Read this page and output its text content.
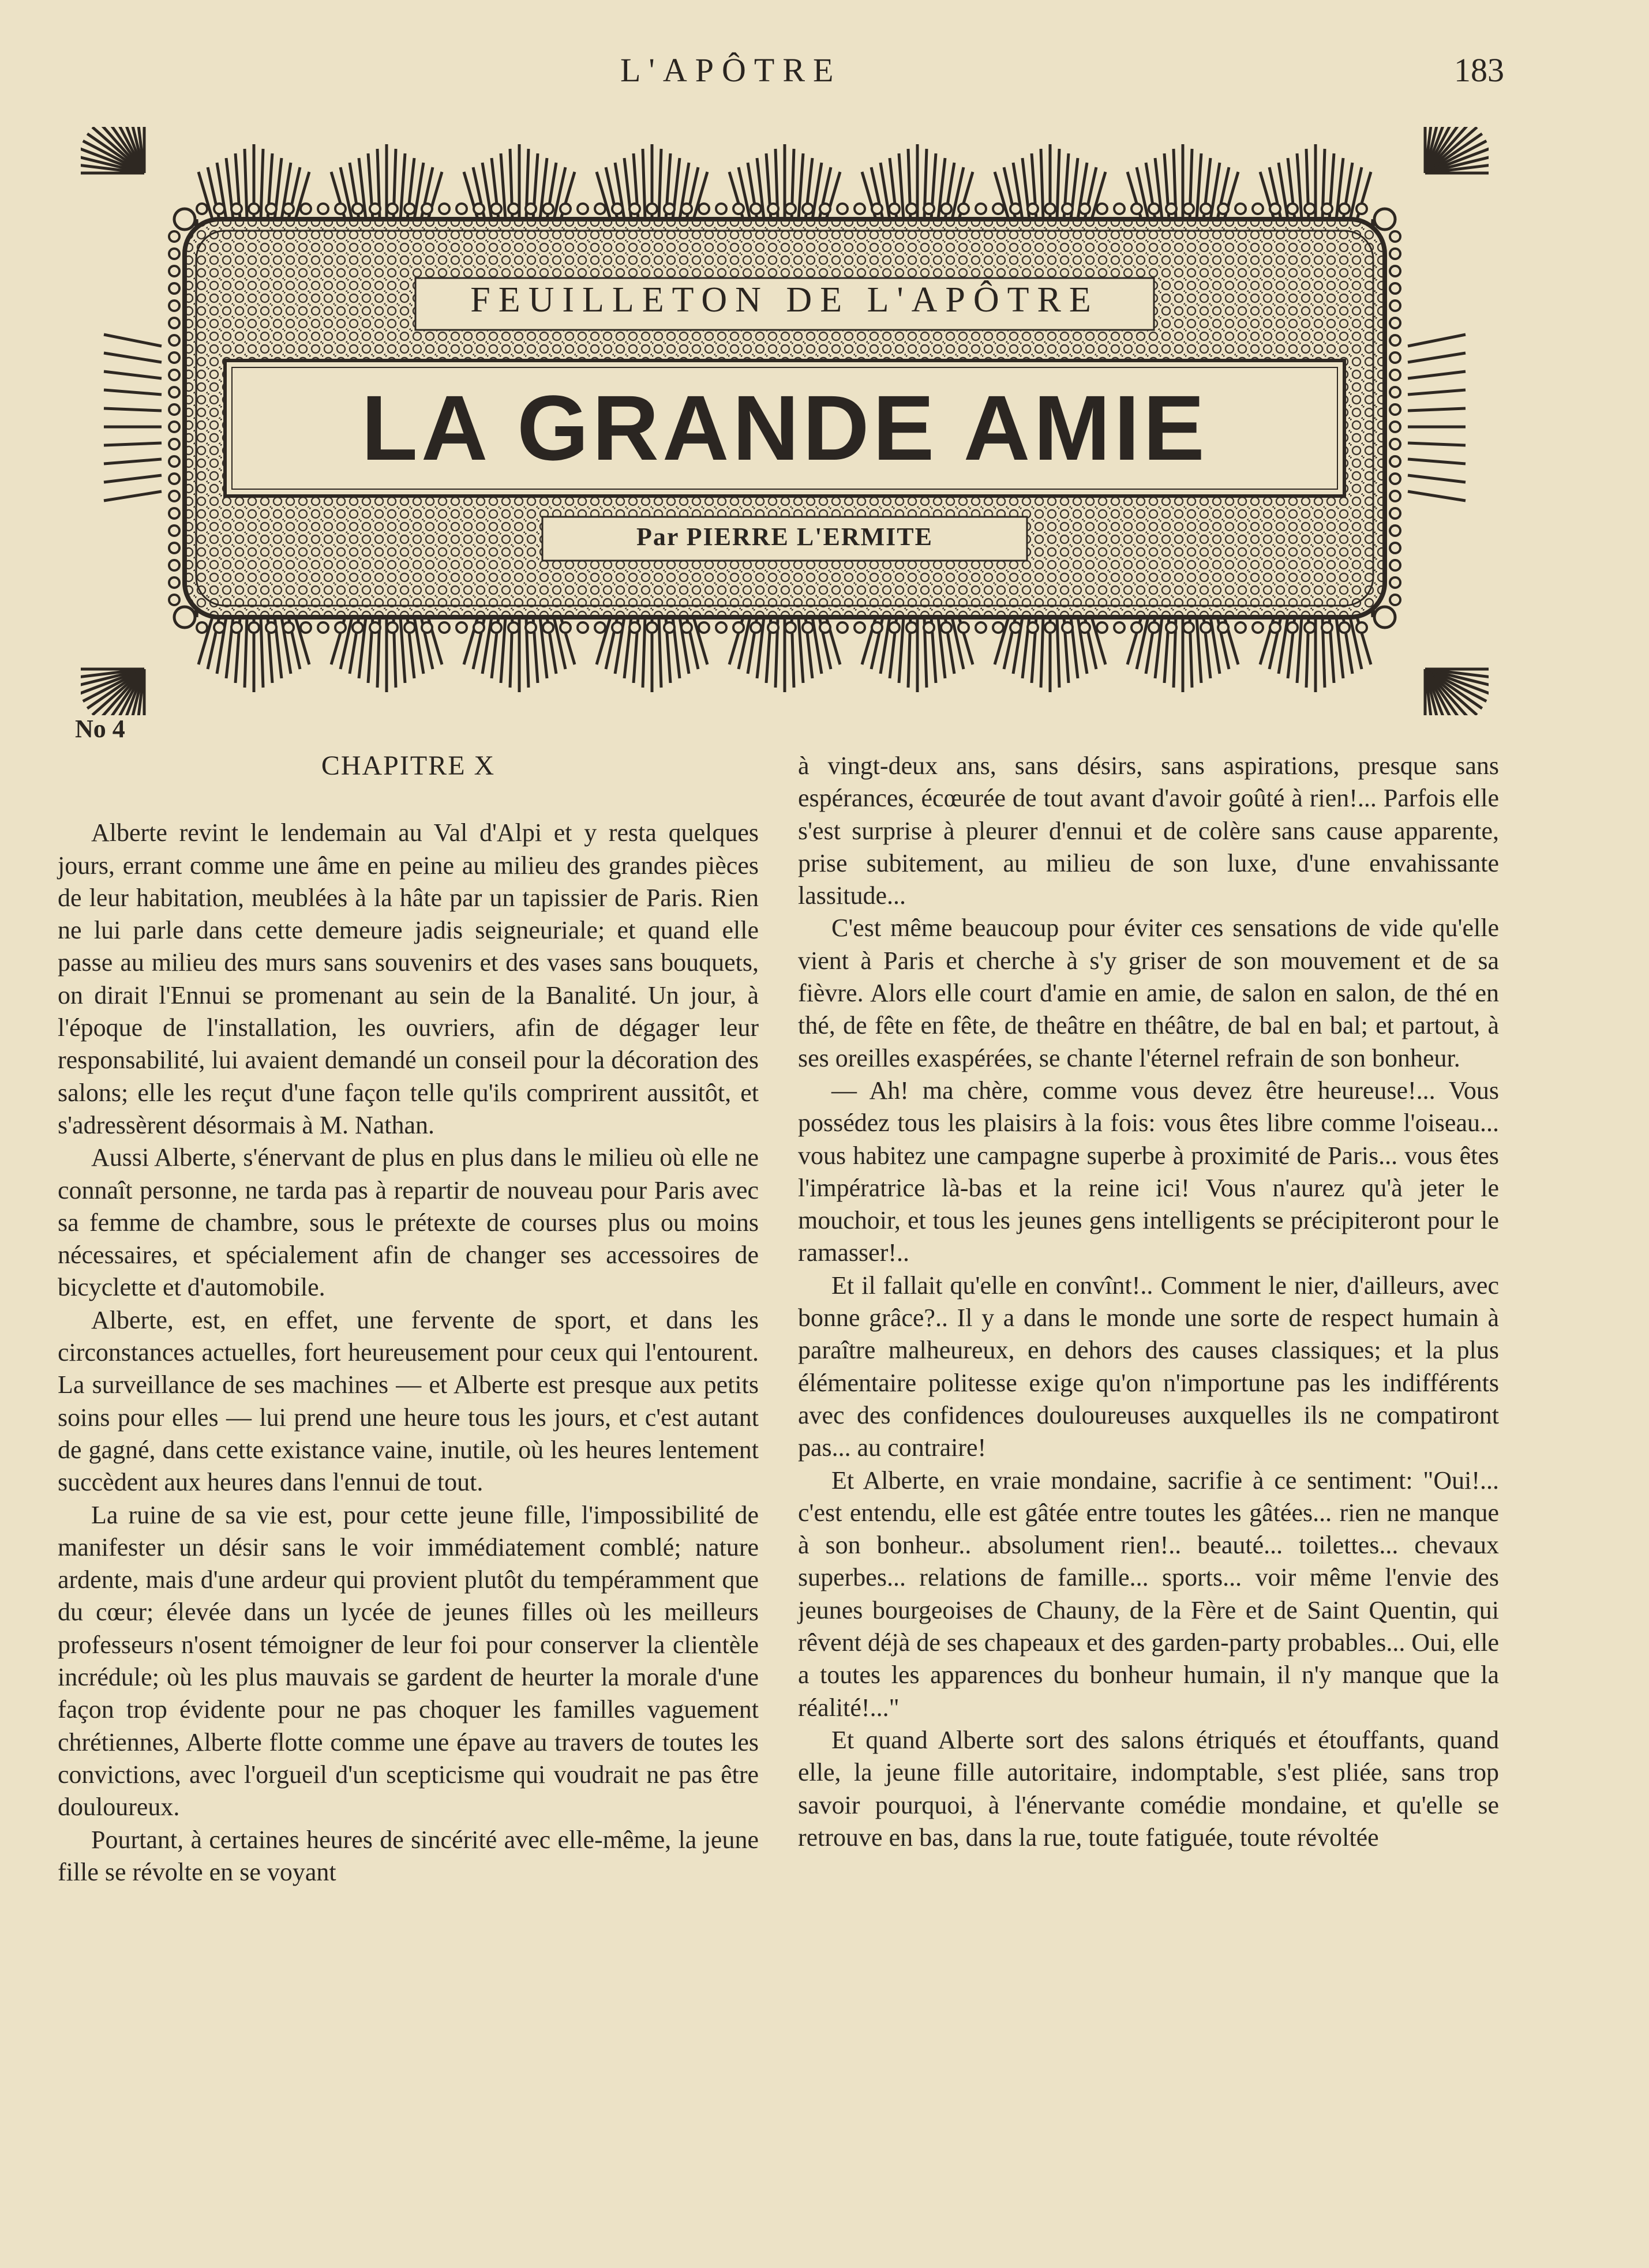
L'APÔTRE	183
FEUILLETON DE L'APÔTRE
LA GRANDE AMIE
Par PIERRE L'ERMITE
No 4
CHAPITRE X

Alberte revint le lendemain au Val d'Alpi et y resta quelques jours, errant comme une âme en peine au milieu des grandes pièces de leur habitation, meublées à la hâte par un tapissier de Paris. Rien ne lui parle dans cette demeure jadis seigneuriale; et quand elle passe au milieu des murs sans souvenirs et des vases sans bouquets, on dirait l'Ennui se promenant au sein de la Banalité. Un jour, à l'époque de l'installation, les ouvriers, afin de dégager leur responsabilité, lui avaient demandé un conseil pour la décoration des salons; elle les reçut d'une façon telle qu'ils comprirent aussitôt, et s'adressèrent désormais à M. Nathan.

Aussi Alberte, s'énervant de plus en plus dans le milieu où elle ne connaît personne, ne tarda pas à repartir de nouveau pour Paris avec sa femme de chambre, sous le prétexte de courses plus ou moins nécessaires, et spécialement afin de changer ses accessoires de bicyclette et d'automobile.

Alberte, est, en effet, une fervente de sport, et dans les circonstances actuelles, fort heureusement pour ceux qui l'entourent. La surveillance de ses machines — et Alberte est presque aux petits soins pour elles — lui prend une heure tous les jours, et c'est autant de gagné, dans cette existance vaine, inutile, où les heures lentement succèdent aux heures dans l'ennui de tout.

La ruine de sa vie est, pour cette jeune fille, l'impossibilité de manifester un désir sans le voir immédiatement comblé; nature ardente, mais d'une ardeur qui provient plutôt du tempéramment que du cœur; élevée dans un lycée de jeunes filles où les meilleurs professeurs n'osent témoigner de leur foi pour conserver la clientèle incrédule; où les plus mauvais se gardent de heurter la morale d'une façon trop évidente pour ne pas choquer les familles vaguement chrétiennes, Alberte flotte comme une épave au travers de toutes les convictions, avec l'orgueil d'un scepticisme qui voudrait ne pas être douloureux.

Pourtant, à certaines heures de sincérité avec elle-même, la jeune fille se révolte en se voyant

à vingt-deux ans, sans désirs, sans aspirations, presque sans espérances, écœurée de tout avant d'avoir goûté à rien!... Parfois elle s'est surprise à pleurer d'ennui et de colère sans cause apparente, prise subitement, au milieu de son luxe, d'une envahissante lassitude...

C'est même beaucoup pour éviter ces sensations de vide qu'elle vient à Paris et cherche à s'y griser de son mouvement et de sa fièvre. Alors elle court d'amie en amie, de salon en salon, de thé en thé, de fête en fête, de theâtre en théâtre, de bal en bal; et partout, à ses oreilles exaspérées, se chante l'éternel refrain de son bonheur.

— Ah! ma chère, comme vous devez être heureuse!... Vous possédez tous les plaisirs à la fois: vous êtes libre comme l'oiseau... vous habitez une campagne superbe à proximité de Paris... vous êtes l'impératrice là-bas et la reine ici! Vous n'aurez qu'à jeter le mouchoir, et tous les jeunes gens intelligents se précipiteront pour le ramasser!..

Et il fallait qu'elle en convînt!.. Comment le nier, d'ailleurs, avec bonne grâce?.. Il y a dans le monde une sorte de respect humain à paraître malheureux, en dehors des causes classiques; et la plus élémentaire politesse exige qu'on n'importune pas les indifférents avec des confidences douloureuses auxquelles ils ne compatiront pas... au contraire!

Et Alberte, en vraie mondaine, sacrifie à ce sentiment: "Oui!... c'est entendu, elle est gâtée entre toutes les gâtées... rien ne manque à son bonheur.. absolument rien!.. beauté... toilettes... chevaux superbes... relations de famille... sports... voir même l'envie des jeunes bourgeoises de Chauny, de la Fère et de Saint Quentin, qui rêvent déjà de ses chapeaux et des garden-party probables... Oui, elle a toutes les apparences du bonheur humain, il n'y manque que la réalité!..."

Et quand Alberte sort des salons étriqués et étouffants, quand elle, la jeune fille autoritaire, indomptable, s'est pliée, sans trop savoir pourquoi, à l'énervante comédie mondaine, et qu'elle se retrouve en bas, dans la rue, toute fatiguée, toute révoltée
